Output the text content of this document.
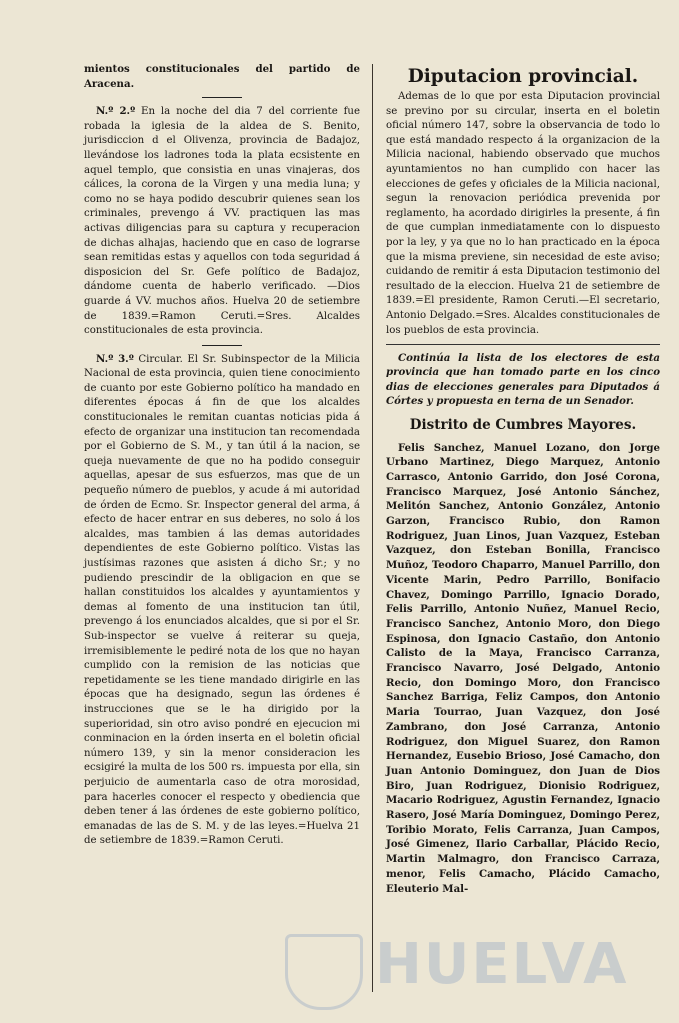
mientos constitucionales del partido de Aracena.

N.º 2.º En la noche del dia 7 del corriente fue robada la iglesia de la aldea de S. Benito, jurisdiccion d el Olivenza, provincia de Badajoz, llevándose los ladrones toda la plata ecsistente en aquel templo, que consistia en unas vinajeras, dos cálices, la corona de la Virgen y una media luna; y como no se haya podido descubrir quienes sean los criminales, prevengo á VV. practiquen las mas activas diligencias para su captura y recuperacion de dichas alhajas, haciendo que en caso de lograrse sean remitidas estas y aquellos con toda seguridad á disposicion del Sr. Gefe político de Badajoz, dándome cuenta de haberlo verificado. —Dios guarde á VV. muchos años. Huelva 20 de setiembre de 1839.=Ramon Ceruti.=Sres. Alcaldes constitucionales de esta provincia.

N.º 3.º Circular. El Sr. Subinspector de la Milicia Nacional de esta provincia, quien tiene conocimiento de cuanto por este Gobierno político ha mandado en diferentes épocas á fin de que los alcaldes constitucionales le remitan cuantas noticias pida á efecto de organizar una institucion tan recomendada por el Gobierno de S. M., y tan útil á la nacion, se queja nuevamente de que no ha podido conseguir aquellas, apesar de sus esfuerzos, mas que de un pequeño número de pueblos, y acude á mi autoridad de órden de Ecmo. Sr. Inspector general del arma, á efecto de hacer entrar en sus deberes, no solo á los alcaldes, mas tambien á las demas autoridades dependientes de este Gobierno político. Vistas las justísimas razones que asisten á dicho Sr.; y no pudiendo prescindir de la obligacion en que se hallan constituidos los alcaldes y ayuntamientos y demas al fomento de una institucion tan útil, prevengo á los enunciados alcaldes, que si por el Sr. Sub-inspector se vuelve á reiterar su queja, irremisiblemente le pediré nota de los que no hayan cumplido con la remision de las noticias que repetidamente se les tiene mandado dirigirle en las épocas que ha designado, segun las órdenes é instrucciones que se le ha dirigido por la superioridad, sin otro aviso pondré en ejecucion mi conminacion en la órden inserta en el boletin oficial número 139, y sin la menor consideracion les ecsigiré la multa de los 500 rs. impuesta por ella, sin perjuicio de aumentarla caso de otra morosidad, para hacerles conocer el respecto y obediencia que deben tener á las órdenes de este gobierno político, emanadas de las de S. M. y de las leyes.=Huelva 21 de setiembre de 1839.=Ramon Ceruti.

Diputacion provincial.

Ademas de lo que por esta Diputacion provincial se previno por su circular, inserta en el boletin oficial número 147, sobre la observancia de todo lo que está mandado respecto á la organizacion de la Milicia nacional, habiendo observado que muchos ayuntamientos no han cumplido con hacer las elecciones de gefes y oficiales de la Milicia nacional, segun la renovacion periódica prevenida por reglamento, ha acordado dirigirles la presente, á fin de que cumplan inmediatamente con lo dispuesto por la ley, y ya que no lo han practicado en la época que la misma previene, sin necesidad de este aviso; cuidando de remitir á esta Diputacion testimonio del resultado de la eleccion. Huelva 21 de setiembre de 1839.=El presidente, Ramon Ceruti.—El secretario, Antonio Delgado.=Sres. Alcaldes constitucionales de los pueblos de esta provincia.

Continúa la lista de los electores de esta provincia que han tomado parte en los cinco dias de elecciones generales para Diputados á Córtes y propuesta en terna de un Senador.

Distrito de Cumbres Mayores.

Felis Sanchez, Manuel Lozano, don Jorge Urbano Martinez, Diego Marquez, Antonio Carrasco, Antonio Garrido, don José Corona, Francisco Marquez, José Antonio Sánchez, Melitón Sanchez, Antonio González, Antonio Garzon, Francisco Rubio, don Ramon Rodriguez, Juan Linos, Juan Vazquez, Esteban Vazquez, don Esteban Bonilla, Francisco Muñoz, Teodoro Chaparro, Manuel Parrillo, don Vicente Marin, Pedro Parrillo, Bonifacio Chavez, Domingo Parrillo, Ignacio Dorado, Felis Parrillo, Antonio Nuñez, Manuel Recio, Francisco Sanchez, Antonio Moro, don Diego Espinosa, don Ignacio Castaño, don Antonio Calisto de la Maya, Francisco Carranza, Francisco Navarro, José Delgado, Antonio Recio, don Domingo Moro, don Francisco Sanchez Barriga, Feliz Campos, don Antonio Maria Tourrao, Juan Vazquez, don José Zambrano, don José Carranza, Antonio Rodriguez, don Miguel Suarez, don Ramon Hernandez, Eusebio Brioso, José Camacho, don Juan Antonio Dominguez, don Juan de Dios Biro, Juan Rodriguez, Dionisio Rodriguez, Macario Rodriguez, Agustin Fernandez, Ignacio Rasero, José María Dominguez, Domingo Perez, Toribio Morato, Felis Carranza, Juan Campos, José Gimenez, Ilario Carballar, Plácido Recio, Martin Malmagro, don Francisco Carraza, menor, Felis Camacho, Plácido Camacho, Eleuterio Mal-

HUELVA
